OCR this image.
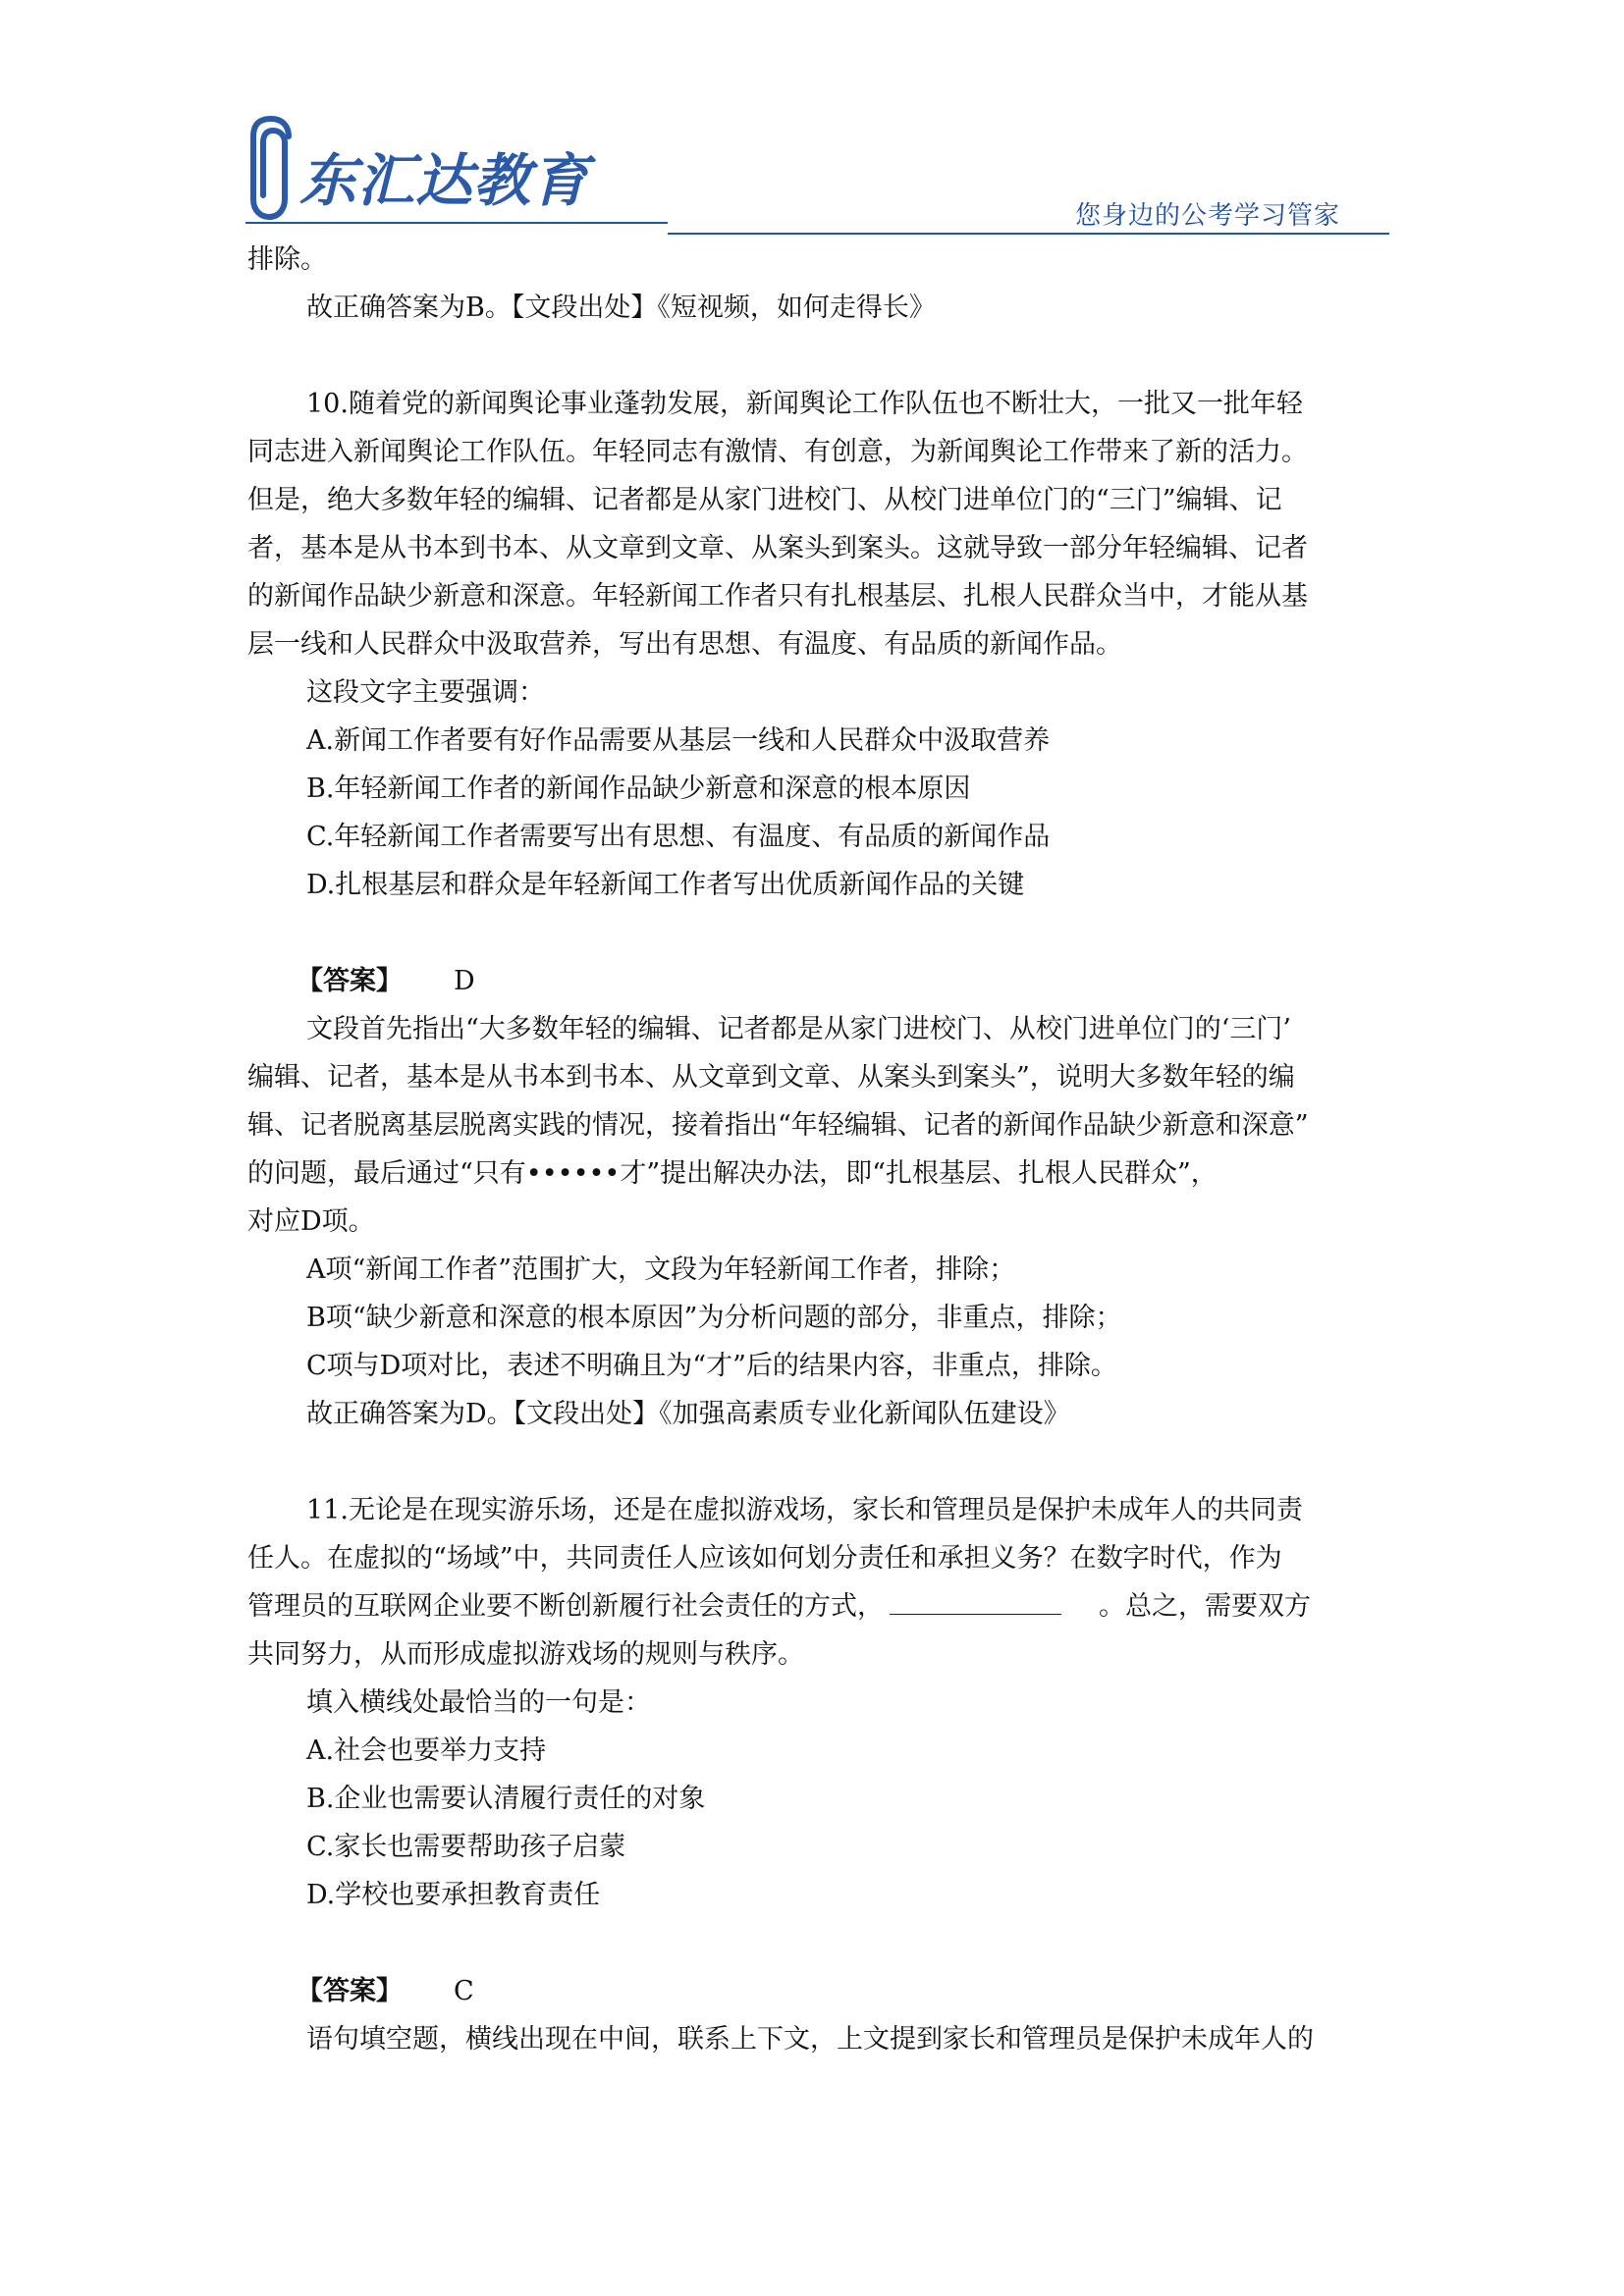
东汇达教育
您身边的公考学习管家
排除。
故正确答案为B。【文段出处】《短视频，如何走得长》
10.随着党的新闻舆论事业蓬勃发展，新闻舆论工作队伍也不断壮大，一批又一批年轻
同志进入新闻舆论工作队伍。年轻同志有激情、有创意，为新闻舆论工作带来了新的活力。
但是，绝大多数年轻的编辑、记者都是从家门进校门、从校门进单位门的“三门”编辑、记
者，基本是从书本到书本、从文章到文章、从案头到案头。这就导致一部分年轻编辑、记者
的新闻作品缺少新意和深意。年轻新闻工作者只有扎根基层、扎根人民群众当中，才能从基
层一线和人民群众中汲取营养，写出有思想、有温度、有品质的新闻作品。
这段文字主要强调：
A.新闻工作者要有好作品需要从基层一线和人民群众中汲取营养
B.年轻新闻工作者的新闻作品缺少新意和深意的根本原因
C.年轻新闻工作者需要写出有思想、有温度、有品质的新闻作品
D.扎根基层和群众是年轻新闻工作者写出优质新闻作品的关键
【答案】 D
文段首先指出“大多数年轻的编辑、记者都是从家门进校门、从校门进单位门的‘三门’
编辑、记者，基本是从书本到书本、从文章到文章、从案头到案头”，说明大多数年轻的编
辑、记者脱离基层脱离实践的情况，接着指出“年轻编辑、记者的新闻作品缺少新意和深意”
的问题，最后通过“只有••••••才”提出解决办法，即“扎根基层、扎根人民群众”，
对应D项。
A项“新闻工作者”范围扩大，文段为年轻新闻工作者，排除；
B项“缺少新意和深意的根本原因”为分析问题的部分，非重点，排除；
C项与D项对比，表述不明确且为“才”后的结果内容，非重点，排除。
故正确答案为D。【文段出处】《加强高素质专业化新闻队伍建设》
11.无论是在现实游乐场，还是在虚拟游戏场，家长和管理员是保护未成年人的共同责
任人。在虚拟的“场域”中，共同责任人应该如何划分责任和承担义务？在数字时代，作为
管理员的互联网企业要不断创新履行社会责任的方式，	。总之，需要双方
共同努力，从而形成虚拟游戏场的规则与秩序。
填入横线处最恰当的一句是：
A.社会也要举力支持
B.企业也需要认清履行责任的对象
C.家长也需要帮助孩子启蒙
D.学校也要承担教育责任
【答案】 C
语句填空题，横线出现在中间，联系上下文，上文提到家长和管理员是保护未成年人的
